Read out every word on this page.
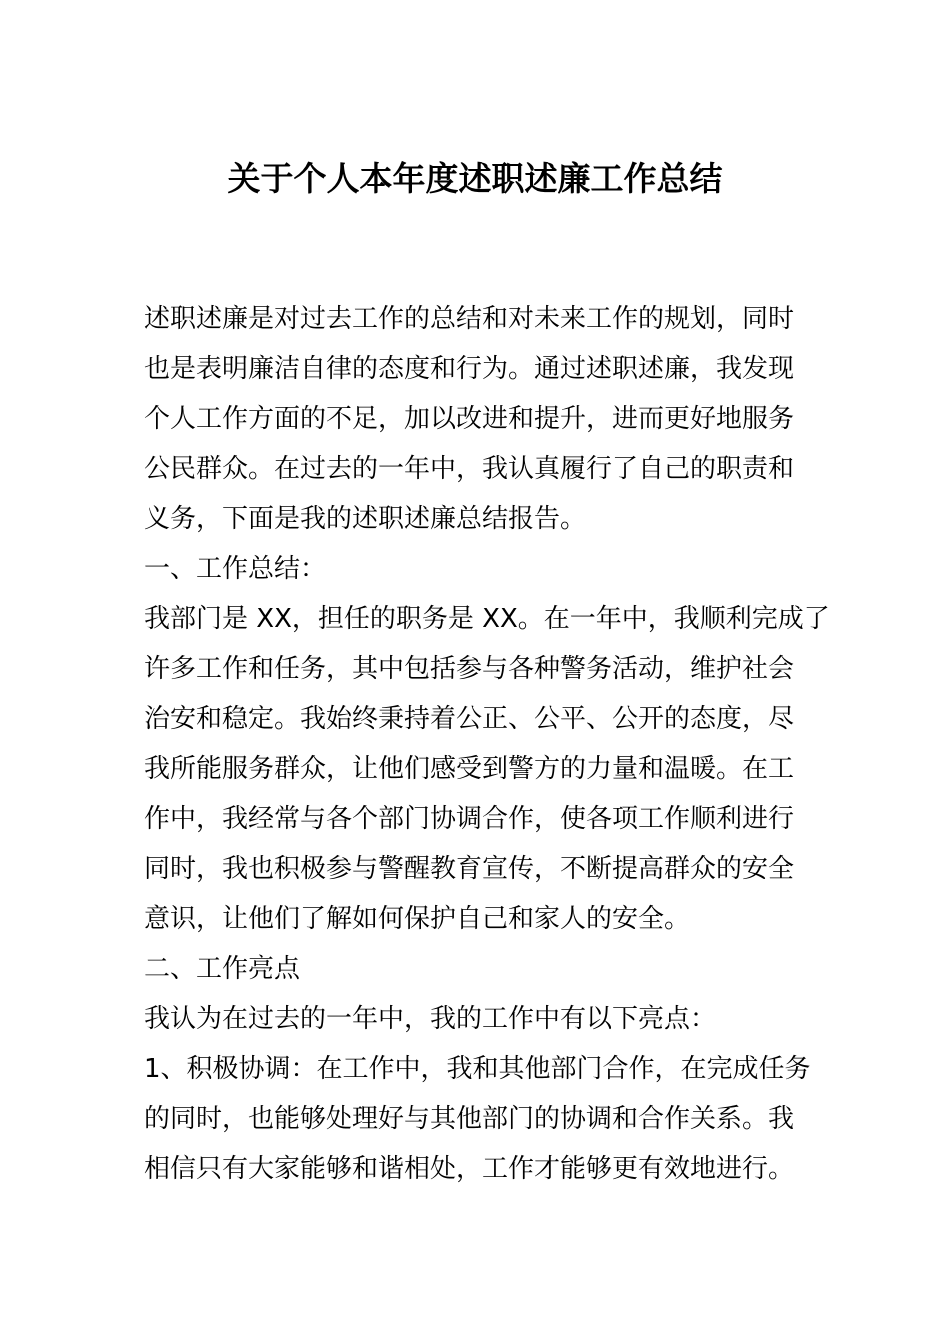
关于个人本年度述职述廉工作总结

述职述廉是对过去工作的总结和对未来工作的规划，同时

也是表明廉洁自律的态度和行为。通过述职述廉，我发现

个人工作方面的不足，加以改进和提升，进而更好地服务

公民群众。在过去的一年中，我认真履行了自己的职责和

义务，下面是我的述职述廉总结报告。

一、工作总结：

我部门是 XX，担任的职务是 XX。在一年中，我顺利完成了

许多工作和任务，其中包括参与各种警务活动，维护社会

治安和稳定。我始终秉持着公正、公平、公开的态度，尽

我所能服务群众，让他们感受到警方的力量和温暖。在工

作中，我经常与各个部门协调合作，使各项工作顺利进行

同时，我也积极参与警醒教育宣传，不断提高群众的安全

意识，让他们了解如何保护自己和家人的安全。

二、工作亮点

我认为在过去的一年中，我的工作中有以下亮点：

1、积极协调：在工作中，我和其他部门合作，在完成任务

的同时，也能够处理好与其他部门的协调和合作关系。我

相信只有大家能够和谐相处，工作才能够更有效地进行。
